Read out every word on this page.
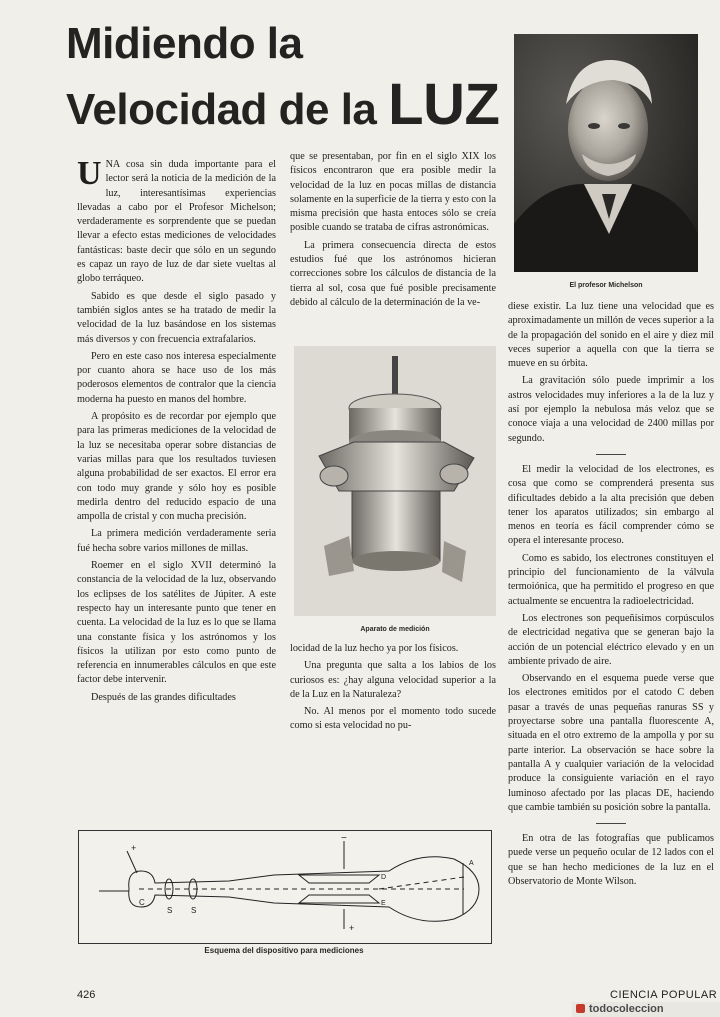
Midiendo la
Velocidad de la LUZ
El profesor Michelson

UNA cosa sin duda importante para el lector será la noticia de la medición de la luz, interesantísimas experiencias llevadas a cabo por el Profesor Michelson; verdaderamente es sorprendente que se puedan llevar a efecto estas mediciones de velocidades fantásticas: baste decir que sólo en un segundo es capaz un rayo de luz de dar siete vueltas al globo terráqueo.

Sabido es que desde el siglo pasado y también siglos antes se ha tratado de medir la velocidad de la luz basándose en los sistemas más diversos y con frecuencia extrafalarios.

Pero en este caso nos interesa especialmente por cuanto ahora se hace uso de los más poderosos elementos de contralor que la ciencia moderna ha puesto en manos del hombre.

A propósito es de recordar por ejemplo que para las primeras mediciones de la velocidad de la luz se necesitaba operar sobre distancias de varias millas para que los resultados tuviesen alguna probabilidad de ser exactos. El error era con todo muy grande y sólo hoy es posible medirla dentro del reducido espacio de una ampolla de cristal y con mucha precisión.

La primera medición verdaderamente seria fué hecha sobre varios millones de millas.

Roemer en el siglo XVII determinó la constancia de la velocidad de la luz, observando los eclipses de los satélites de Júpiter. A este respecto hay un interesante punto que tener en cuenta. La velocidad de la luz es lo que se llama una constante física y los astrónomos y los físicos la utilizan por esto como punto de referencia en innumerables cálculos en que este factor debe intervenir.

Después de las grandes dificultades

que se presentaban, por fin en el siglo XIX los físicos encontraron que era posible medir la velocidad de la luz en pocas millas de distancia solamente en la superficie de la tierra y esto con la misma precisión que hasta entoces sólo se creía posible cuando se trataba de cifras astronómicas.

La primera consecuencia directa de estos estudios fué que los astrónomos hicieran correcciones sobre los cálculos de distancia de la tierra al sol, cosa que fué posible precisamente debido al cálculo de la determinación de la ve-

Aparato de medición

locidad de la luz hecho ya por los físicos.

Una pregunta que salta a los labios de los curiosos es: ¿hay alguna velocidad superior a la de la Luz en la Naturaleza?

No. Al menos por el momento todo sucede como si esta velocidad no pu-

diese existir. La luz tiene una velocidad que es aproximadamente un millón de veces superior a la de la propagación del sonido en el aire y diez mil veces superior a aquella con que la tierra se mueve en su órbita.

La gravitación sólo puede imprimir a los astros velocidades muy inferiores a la de la luz y así por ejemplo la nebulosa más veloz que se conoce viaja a una velocidad de 2400 millas por segundo.

El medir la velocidad de los electrones, es cosa que como se comprenderá presenta sus dificultades debido a la alta precisión que deben tener los aparatos utilizados; sin embargo al menos en teoría es fácil comprender cómo se opera el interesante proceso.

Como es sabido, los electrones constituyen el principio del funcionamiento de la válvula termoiónica, que ha permitido el progreso en que actualmente se encuentra la radioelectricidad.

Los electrones son pequeñísimos corpúsculos de electricidad negativa que se generan bajo la acción de un potencial eléctrico elevado y en un ambiente privado de aire.

Observando en el esquema puede verse que los electrones emitidos por el catodo C deben pasar a través de unas pequeñas ranuras SS y proyectarse sobre una pantalla fluorescente A, situada en el otro extremo de la ampolla y por su parte interior. La observación se hace sobre la pantalla A y cualquier variación de la velocidad produce la consiguiente variación en el rayo luminoso afectado por las placas DE, haciendo que cambie también su posición sobre la pantalla.

En otra de las fotografías que publicamos puede verse un pequeño ocular de 12 lados con el que se han hecho mediciones de la luz en el Observatorio de Monte Wilson.

+
−
+
C
S S
D
E
A
Esquema del dispositivo para mediciones
426	CIENCIA POPULAR
todocoleccion
